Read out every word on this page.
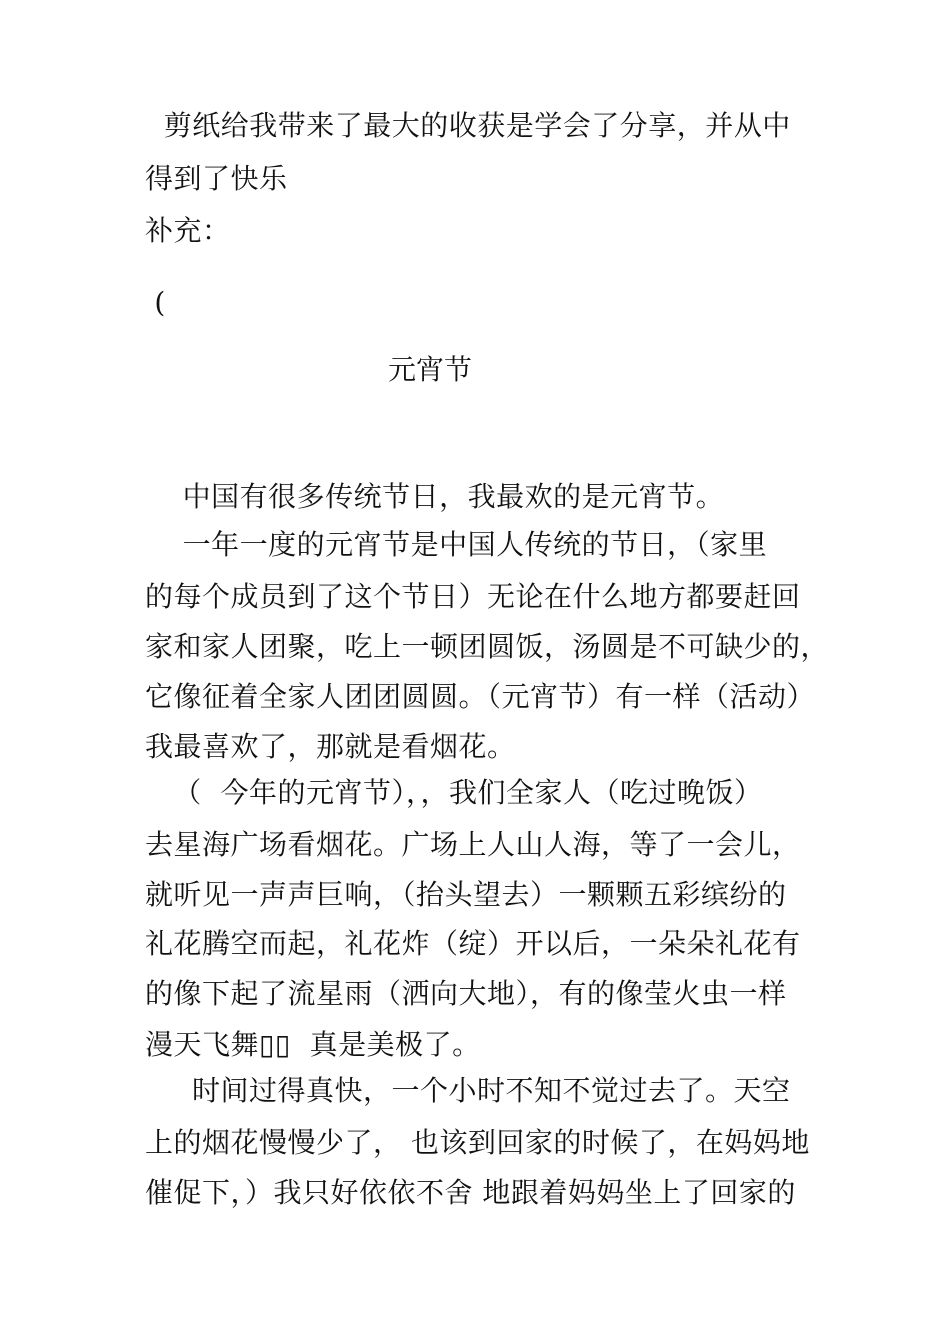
剪纸给我带来了最大的收获是学会了分享，并从中
得到了快乐
补充：
(
元宵节
中国有很多传统节日，我最欢的是元宵节。
一年一度的元宵节是中国人传统的节日，（家里
的每个成员到了这个节日）无论在什么地方都要赶回
家和家人团聚，吃上一顿团圆饭，汤圆是不可缺少的，
它像征着全家人团团圆圆。（元宵节）有一样（活动）
我最喜欢了，那就是看烟花。
（  今年的元宵节），，我们全家人（吃过晚饭）
去星海广场看烟花。广场上人山人海，等了一会儿，
就听见一声声巨响，（抬头望去）一颗颗五彩缤纷的
礼花腾空而起，礼花炸（绽）开以后，一朵朵礼花有
的像下起了流星雨（洒向大地），有的像莹火虫一样
漫天飞舞▯▯  真是美极了。
时间过得真快，一个小时不知不觉过去了。天空
上的烟花慢慢少了， 也该到回家的时候了，在妈妈地
催促下，）我只好依依不舍 地跟着妈妈坐上了回家的
